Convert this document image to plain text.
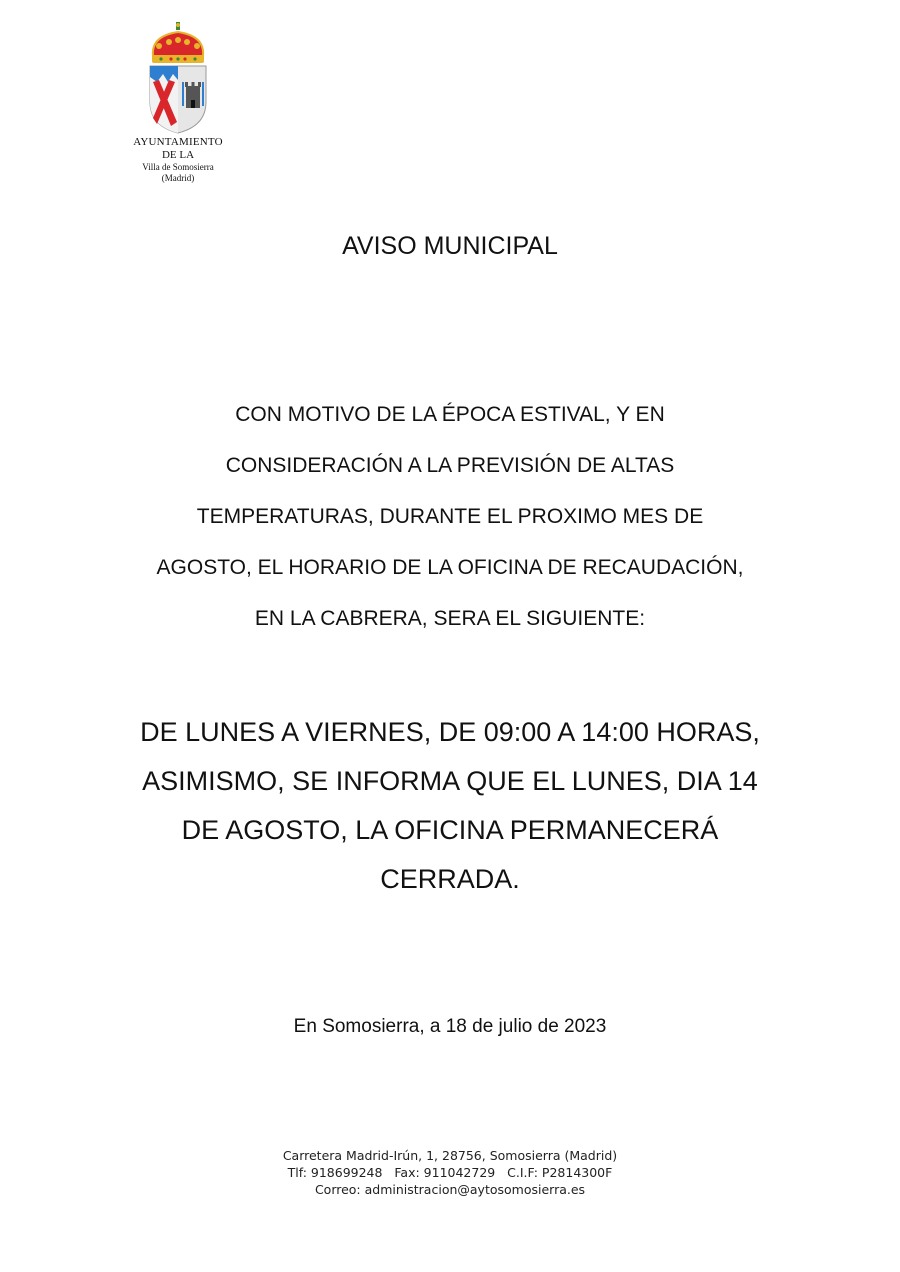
AYUNTAMIENTO
DE LA
Villa de Somosierra
(Madrid)
AVISO MUNICIPAL
CON MOTIVO DE LA ÉPOCA ESTIVAL, Y EN
CONSIDERACIÓN A LA PREVISIÓN DE ALTAS
TEMPERATURAS, DURANTE EL PROXIMO MES DE
AGOSTO, EL HORARIO DE LA OFICINA DE RECAUDACIÓN,
EN LA CABRERA, SERA EL SIGUIENTE:
DE LUNES A VIERNES, DE 09:00 A 14:00 HORAS,
ASIMISMO, SE INFORMA QUE EL LUNES, DIA 14
DE AGOSTO, LA OFICINA PERMANECERÁ
CERRADA.
En Somosierra, a 18 de julio de 2023
Carretera Madrid-Irún, 1, 28756, Somosierra (Madrid)
Tlf: 918699248   Fax: 911042729   C.I.F: P2814300F
Correo: administracion@aytosomosierra.es
